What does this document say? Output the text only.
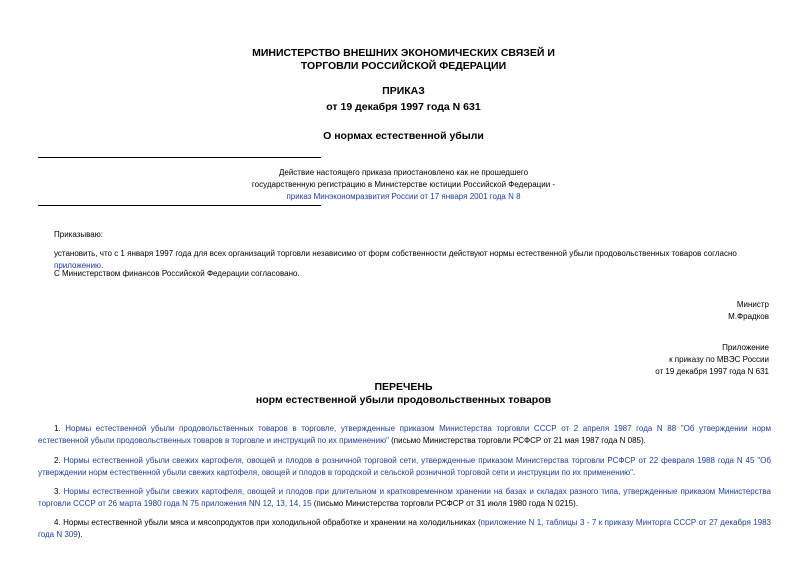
МИНИСТЕРСТВО ВНЕШНИХ ЭКОНОМИЧЕСКИХ СВЯЗЕЙ И
ТОРГОВЛИ РОССИЙСКОЙ ФЕДЕРАЦИИ
ПРИКАЗ
от 19 декабря 1997 года N 631
О нормах естественной убыли
Действие настоящего приказа приостановлено как не прошедшего
государственную регистрацию в Министерстве юстиции Российской Федерации -
приказ Минэкономразвития России от 17 января 2001 года N 8
Приказываю:
установить, что с 1 января 1997 года для всех организаций торговли независимо от форм собственности действуют нормы естественной убыли продовольственных товаров согласно приложению.
С Министерством финансов Российской Федерации согласовано.
Министр
М.Фрадков
Приложение
к приказу по МВЭС России
от 19 декабря 1997 года N 631
ПЕРЕЧЕНЬ
норм естественной убыли продовольственных товаров
1. Нормы естественной убыли продовольственных товаров в торговле, утвержденные приказом Министерства торговли СССР от 2 апреля 1987 года N 88 "Об утверждении норм естественной убыли продовольственных товаров в торговле и инструкций по их применению" (письмо Министерства торговли РСФСР от 21 мая 1987 года N 085).
2. Нормы естественной убыли свежих картофеля, овощей и плодов в розничной торговой сети, утвержденные приказом Министерства торговли РСФСР от 22 февраля 1988 года N 45 "Об утверждении норм естественной убыли свежих картофеля, овощей и плодов в городской и сельской розничной торговой сети и инструкции по их применению".
3. Нормы естественной убыли свежих картофеля, овощей и плодов при длительном и кратковременном хранении на базах и складах разного типа, утвержденные приказом Министерства торговли СССР от 26 марта 1980 года N 75 приложения NN 12, 13, 14, 15 (письмо Министерства торговли РСФСР от 31 июля 1980 года N 0215).
4. Нормы естественной убыли мяса и мясопродуктов при холодильной обработке и хранении на холодильниках (приложение N 1, таблицы 3 - 7 к приказу Минторга СССР от 27 декабря 1983 года N 309).
